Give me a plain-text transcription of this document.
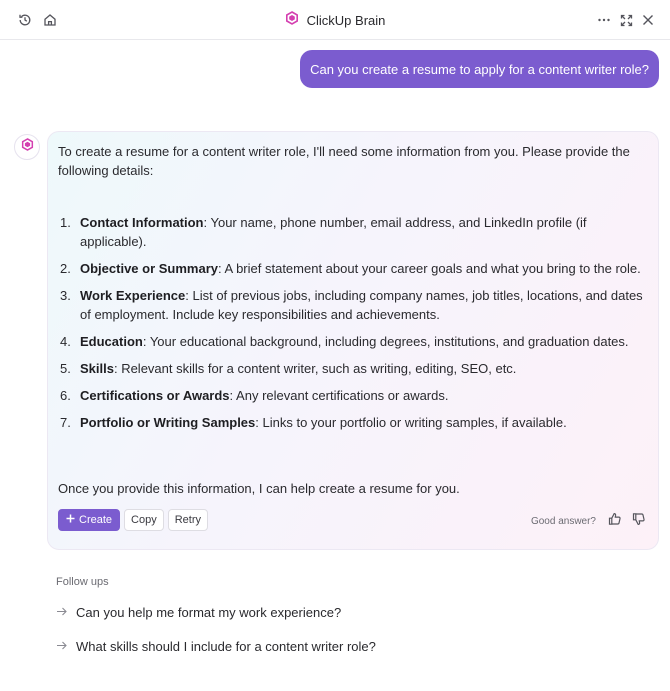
ClickUp Brain
Can you create a resume to apply for a content writer role?
To create a resume for a content writer role, I'll need some information from you. Please provide the following details:
1. Contact Information: Your name, phone number, email address, and LinkedIn profile (if applicable).
2. Objective or Summary: A brief statement about your career goals and what you bring to the role.
3. Work Experience: List of previous jobs, including company names, job titles, locations, and dates of employment. Include key responsibilities and achievements.
4. Education: Your educational background, including degrees, institutions, and graduation dates.
5. Skills: Relevant skills for a content writer, such as writing, editing, SEO, etc.
6. Certifications or Awards: Any relevant certifications or awards.
7. Portfolio or Writing Samples: Links to your portfolio or writing samples, if available.
Once you provide this information, I can help create a resume for you.
Create	Copy	Retry	Good answer?
Follow ups
Can you help me format my work experience?
What skills should I include for a content writer role?
